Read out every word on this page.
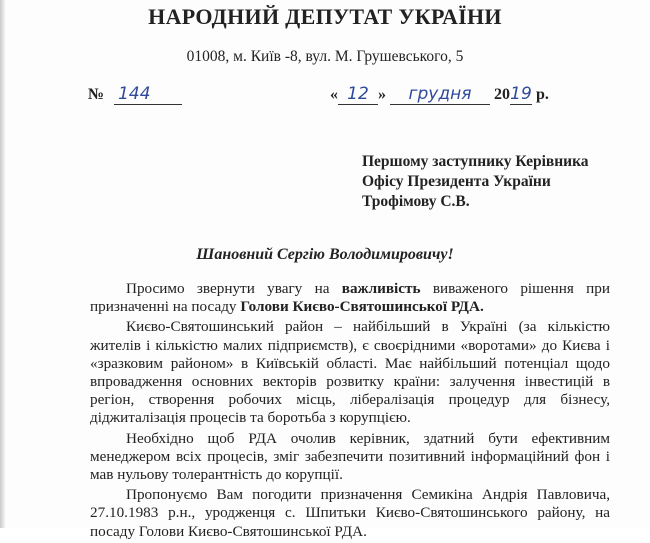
НАРОДНИЙ ДЕПУТАТ УКРАЇНИ
01008, м. Київ -8, вул. М. Грушевського, 5
№ 144	« 12 » грудня 2019 р.
Першому заступнику Керівника
Офісу Президента України
Трофімову С.В.
Шановний Сергію Володимировичу!

Просимо звернути увагу на важливість виваженого рішення при призначенні на посаду Голови Києво-Святошинської РДА.

Києво-Святошинський район – найбільший в Україні (за кількістю жителів і кількістю малих підприємств), є своєрідними «воротами» до Києва і «зразковим районом» в Київській області. Має найбільший потенціал щодо впровадження основних векторів розвитку країни: залучення інвестицій в регіон, створення робочих місць, лібералізація процедур для бізнесу, діджиталізація процесів та боротьба з корупцією.

Необхідно щоб РДА очолив керівник, здатний бути ефективним менеджером всіх процесів, зміг забезпечити позитивний інформаційний фон і мав нульову толерантність до корупції.

Пропонуємо Вам погодити призначення Семикіна Андрія Павловича, 27.10.1983 р.н., уродженця с. Шпитьки Києво-Святошинського району, на посаду Голови Києво-Святошинської РДА.
